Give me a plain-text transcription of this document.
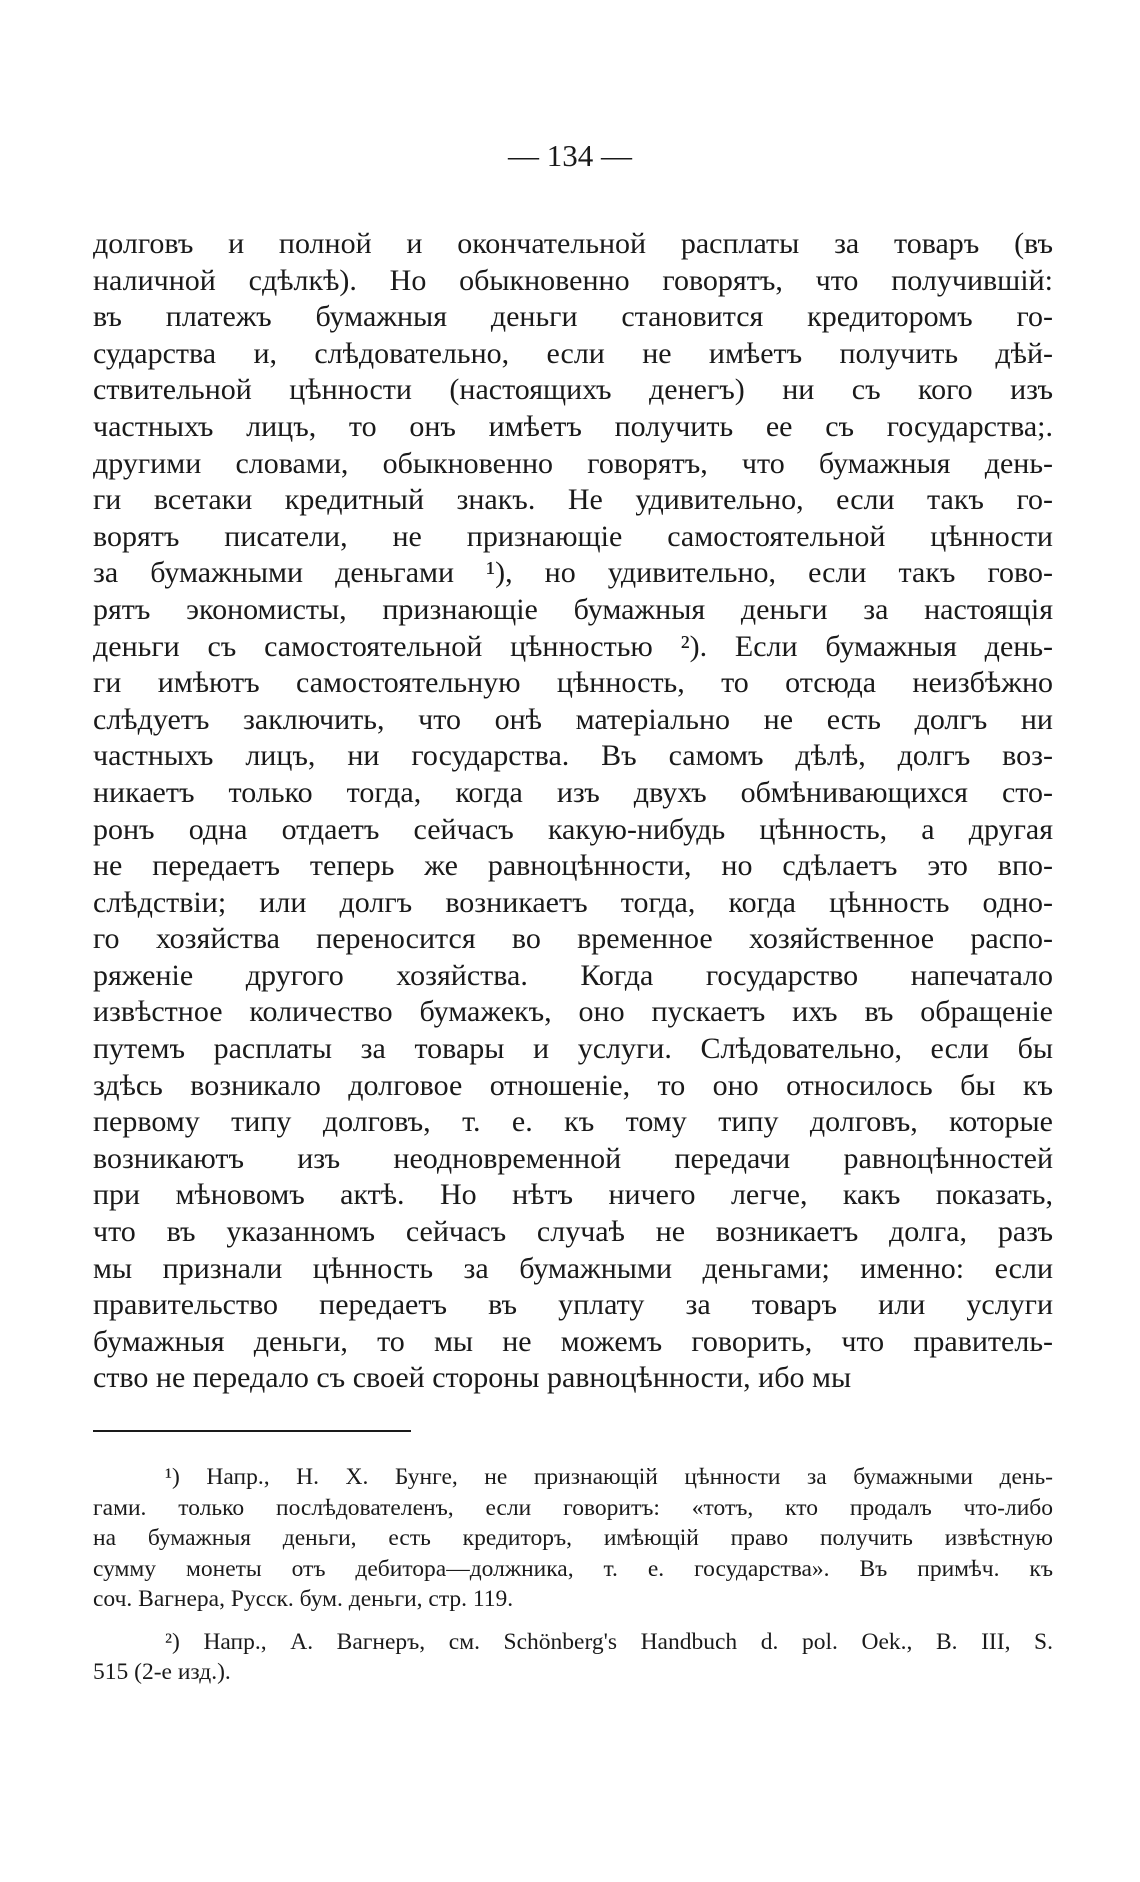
— 134 —
долговъ и полной и окончательной расплаты за товаръ (въ
наличной сдѣлкѣ). Но обыкновенно говорятъ, что получившій:
въ платежъ бумажныя деньги становится кредиторомъ го-
сударства и, слѣдовательно, если не имѣетъ получить дѣй-
ствительной цѣнности (настоящихъ денегъ) ни съ кого изъ
частныхъ лицъ, то онъ имѣетъ получить ее съ государства;.
другими словами, обыкновенно говорятъ, что бумажныя день-
ги всетаки кредитный знакъ. Не удивительно, если такъ го-
ворятъ писатели, не признающіе самостоятельной цѣнности
за бумажными деньгами ¹), но удивительно, если такъ гово-
рятъ экономисты, признающіе бумажныя деньги за настоящія
деньги съ самостоятельной цѣнностью ²). Если бумажныя день-
ги имѣютъ самостоятельную цѣнность, то отсюда неизбѣжно
слѣдуетъ заключить, что онѣ матеріально не есть долгъ ни
частныхъ лицъ, ни государства. Въ самомъ дѣлѣ, долгъ воз-
никаетъ только тогда, когда изъ двухъ обмѣнивающихся сто-
ронъ одна отдаетъ сейчасъ какую-нибудь цѣнность, а другая
не передаетъ теперь же равноцѣнности, но сдѣлаетъ это впо-
слѣдствіи; или долгъ возникаетъ тогда, когда цѣнность одно-
го хозяйства переносится во временное хозяйственное распо-
ряженіе другого хозяйства. Когда государство напечатало
извѣстное количество бумажекъ, оно пускаетъ ихъ въ обращеніе
путемъ расплаты за товары и услуги. Слѣдовательно, если бы
здѣсь возникало долговое отношеніе, то оно относилось бы къ
первому типу долговъ, т. е. къ тому типу долговъ, которые
возникаютъ изъ неодновременной передачи равноцѣнностей
при мѣновомъ актѣ. Но нѣтъ ничего легче, какъ показать,
что въ указанномъ сейчасъ случаѣ не возникаетъ долга, разъ
мы признали цѣнность за бумажными деньгами; именно: если
правительство передаетъ въ уплату за товаръ или услуги
бумажныя деньги, то мы не можемъ говорить, что правитель-
ство не передало съ своей стороны равноцѣнности, ибо мы
¹) Напр., Н. Х. Бунге, не признающій цѣнности за бумажными день-
гами. только послѣдователенъ, если говоритъ: «тотъ, кто продалъ что-либо
на бумажныя деньги, есть кредиторъ, имѣющій право получить извѣстную
сумму монеты отъ дебитора—должника, т. е. государства». Въ примѣч. къ
соч. Вагнера, Русск. бум. деньги, стр. 119.
²) Напр., А. Вагнеръ, см. Schönberg's Handbuch d. pol. Oek., B. III, S.
515 (2-е изд.).
